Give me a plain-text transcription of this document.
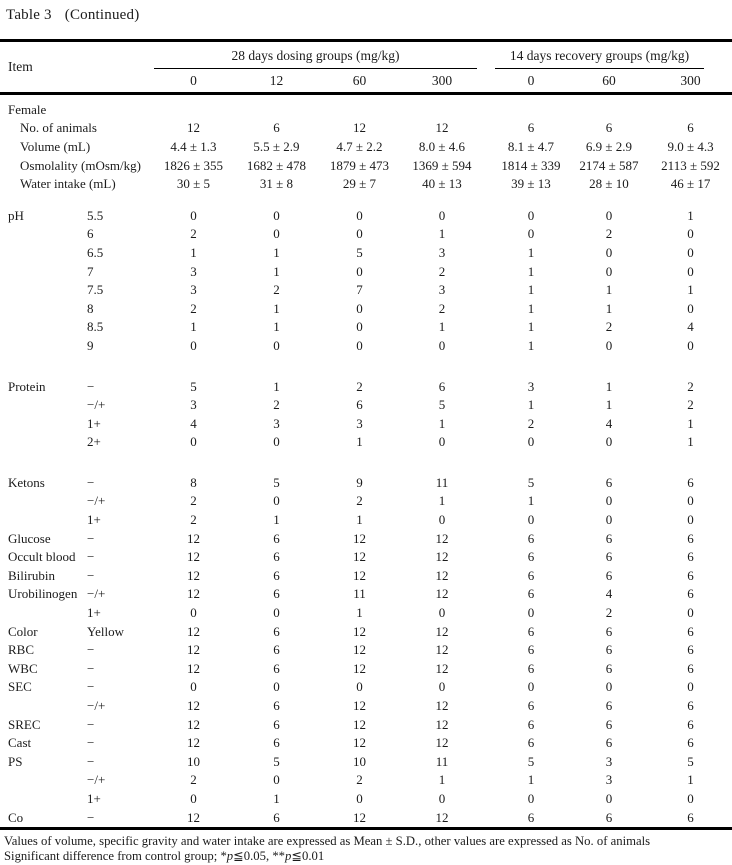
Table 3 (Continued)
Item		28 days dosing groups (mg/kg)					14 days recovery groups (mg/kg)		

		0	12	60	300		0	60	300

Female									
No. of animals		12	6	12	12		6	6	6
Volume (mL)		4.4 ± 1.3	5.5 ± 2.9	4.7 ± 2.2	8.0 ± 4.6		8.1 ± 4.7	6.9 ± 2.9	9.0 ± 4.3
Osmolality (mOsm/kg)		1826 ± 355	1682 ± 478	1879 ± 473	1369 ± 594		1814 ± 339	2174 ± 587	2113 ± 592
Water intake (mL)		30 ± 5	31 ± 8	29 ± 7	40 ± 13		39 ± 13	28 ± 10	46 ± 17

pH	5.5	0	0	0	0		0	0	1
	6	2	0	0	1		0	2	0
	6.5	1	1	5	3		1	0	0
	7	3	1	0	2		1	0	0
	7.5	3	2	7	3		1	1	1
	8	2	1	0	2		1	1	0
	8.5	1	1	0	1		1	2	4
	9	0	0	0	0		1	0	0

Protein	−	5	1	2	6		3	1	2
	−/+	3	2	6	5		1	1	2
	1+	4	3	3	1		2	4	1
	2+	0	0	1	0		0	0	1

Ketons	−	8	5	9	11		5	6	6
	−/+	2	0	2	1		1	0	0
	1+	2	1	1	0		0	0	0
Glucose	−	12	6	12	12		6	6	6
Occult blood	−	12	6	12	12		6	6	6
Bilirubin	−	12	6	12	12		6	6	6
Urobilinogen	−/+	12	6	11	12		6	4	6
	1+	0	0	1	0		0	2	0
Color	Yellow	12	6	12	12		6	6	6
RBC	−	12	6	12	12		6	6	6
WBC	−	12	6	12	12		6	6	6
SEC	−	0	0	0	0		0	0	0
	−/+	12	6	12	12		6	6	6
SREC	−	12	6	12	12		6	6	6
Cast	−	12	6	12	12		6	6	6
PS	−	10	5	10	11		5	3	5
	−/+	2	0	2	1		1	3	1
	1+	0	1	0	0		0	0	0
Co	−	12	6	12	12		6	6	6
Values of volume, specific gravity and water intake are expressed as Mean ± S.D., other values are expressed as No. of animals
Significant difference from control group; *p≦0.05, **p≦0.01
